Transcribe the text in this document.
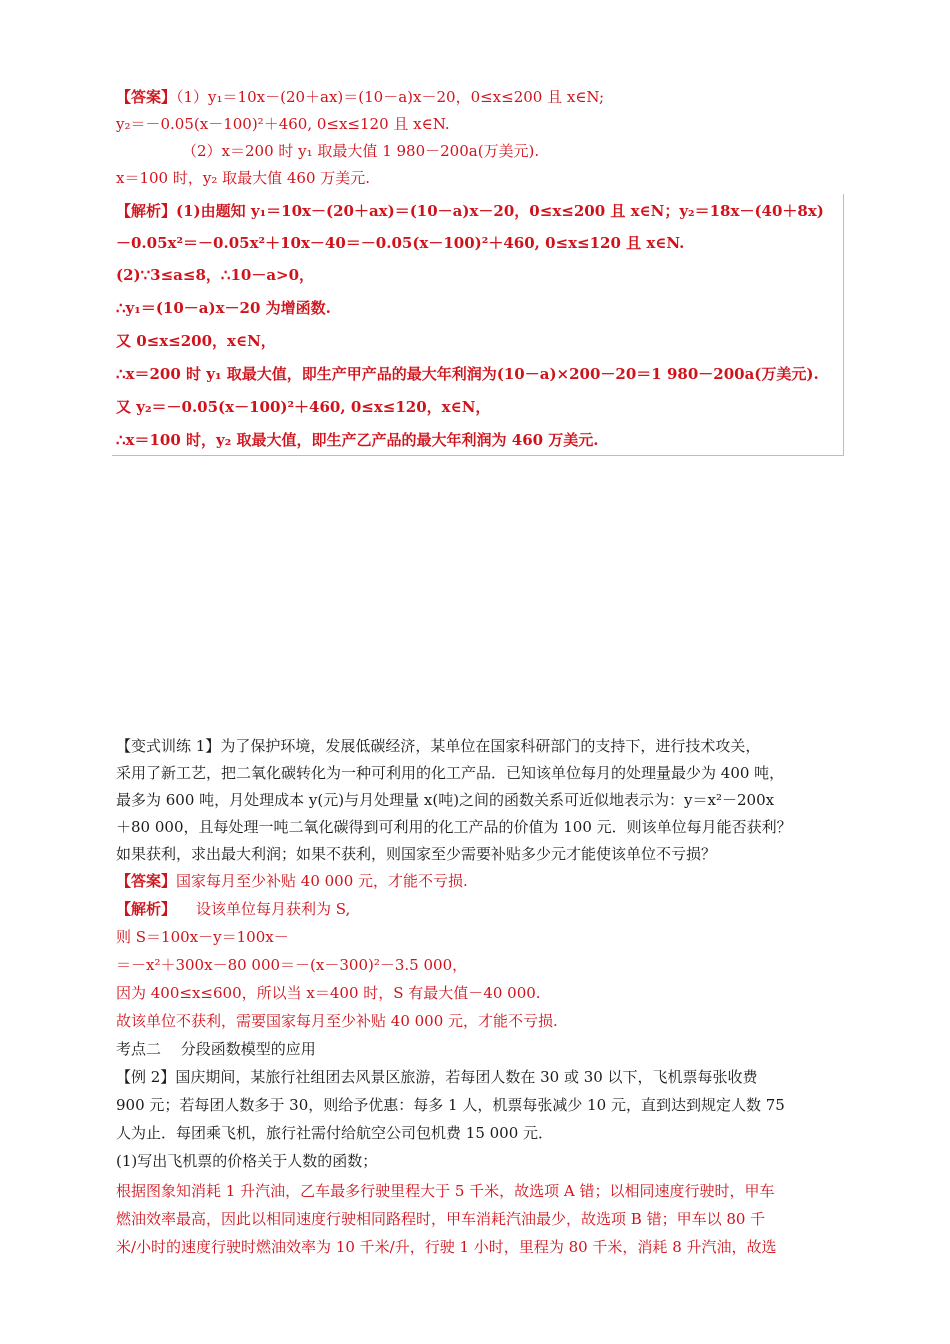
【答案】（1）y₁＝10x－(20＋ax)＝(10－a)x－20，0≤x≤200 且 x∈N;
y₂＝－0.05(x－100)²＋460, 0≤x≤120 且 x∈N.
（2）x＝200 时 y₁ 取最大值 1 980－200a(万美元).
x＝100 时，y₂ 取最大值 460 万美元.
【解析】(1)由题知 y₁＝10x－(20＋ax)＝(10－a)x－20，0≤x≤200 且 x∈N；y₂＝18x－(40＋8x)
－0.05x²＝－0.05x²＋10x－40＝－0.05(x－100)²＋460, 0≤x≤120 且 x∈N.
(2)∵3≤a≤8，∴10－a>0，
∴y₁＝(10－a)x－20 为增函数.
又 0≤x≤200，x∈N，
∴x＝200 时 y₁ 取最大值，即生产甲产品的最大年利润为(10－a)×200－20＝1 980－200a(万美元).
又 y₂＝－0.05(x－100)²＋460, 0≤x≤120，x∈N，
∴x＝100 时，y₂ 取最大值，即生产乙产品的最大年利润为 460 万美元.
【变式训练 1】为了保护环境，发展低碳经济，某单位在国家科研部门的支持下，进行技术攻关，
采用了新工艺，把二氧化碳转化为一种可利用的化工产品．已知该单位每月的处理量最少为 400 吨，
最多为 600 吨，月处理成本 y(元)与月处理量 x(吨)之间的函数关系可近似地表示为：y＝x²－200x
＋80 000，且每处理一吨二氧化碳得到可利用的化工产品的价值为 100 元．则该单位每月能否获利？
如果获利，求出最大利润；如果不获利，则国家至少需要补贴多少元才能使该单位不亏损？
【答案】国家每月至少补贴 40 000 元，才能不亏损.
【解析】 设该单位每月获利为 S,
则 S＝100x－y＝100x－
＝－x²＋300x－80 000＝－(x－300)²－3.5 000，
因为 400≤x≤600，所以当 x＝400 时，S 有最大值－40 000.
故该单位不获利，需要国家每月至少补贴 40 000 元，才能不亏损.
考点二　 分段函数模型的应用
【例 2】国庆期间，某旅行社组团去风景区旅游，若每团人数在 30 或 30 以下，飞机票每张收费
900 元；若每团人数多于 30，则给予优惠：每多 1 人，机票每张减少 10 元，直到达到规定人数 75
人为止．每团乘飞机，旅行社需付给航空公司包机费 15 000 元．
(1)写出飞机票的价格关于人数的函数；
根据图象知消耗 1 升汽油，乙车最多行驶里程大于 5 千米，故选项 A 错；以相同速度行驶时，甲车
燃油效率最高，因此以相同速度行驶相同路程时，甲车消耗汽油最少，故选项 B 错；甲车以 80 千
米/小时的速度行驶时燃油效率为 10 千米/升，行驶 1 小时，里程为 80 千米，消耗 8 升汽油，故选
